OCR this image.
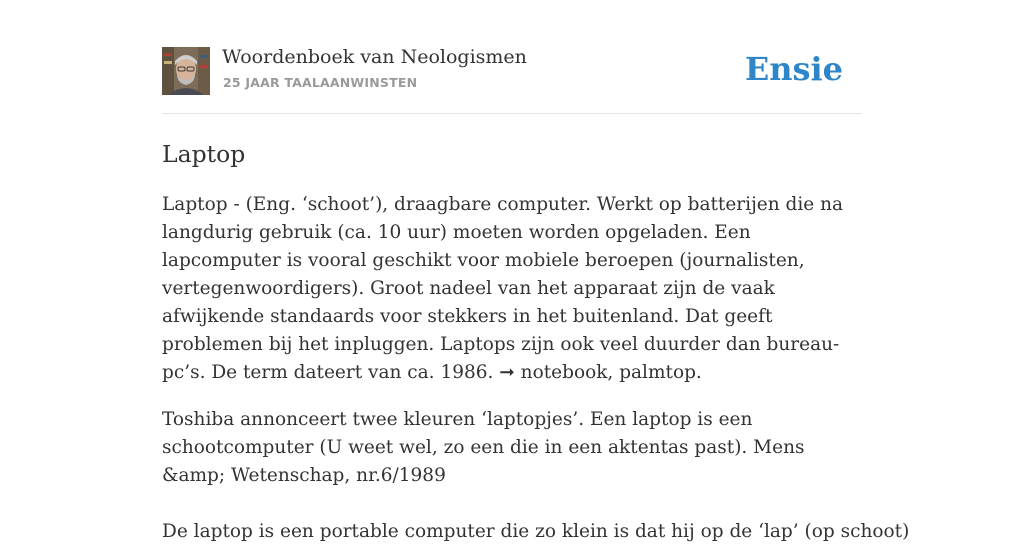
Woordenboek van Neologismen
25 JAAR TAALAANWINSTEN	Ensie
Laptop

Laptop - (Eng. ‘schoot’), draagbare computer. Werkt op batterijen die na langdurig gebruik (ca. 10 uur) moeten worden opgeladen. Een lapcomputer is vooral geschikt voor mobiele beroepen (journalisten, vertegenwoordigers). Groot nadeel van het apparaat zijn de vaak afwijkende standaards voor stekkers in het buitenland. Dat geeft problemen bij het inpluggen. Laptops zijn ook veel duurder dan bureau-pc’s. De term dateert van ca. 1986. ➞ notebook, palmtop.

Toshiba annonceert twee kleuren ‘laptopjes’. Een laptop is een schootcomputer (U weet wel, zo een die in een aktentas past). Mens &amp; Wetenschap, nr.6/1989

De laptop is een portable computer die zo klein is dat hij op de ‘lap’ (op schoot)
